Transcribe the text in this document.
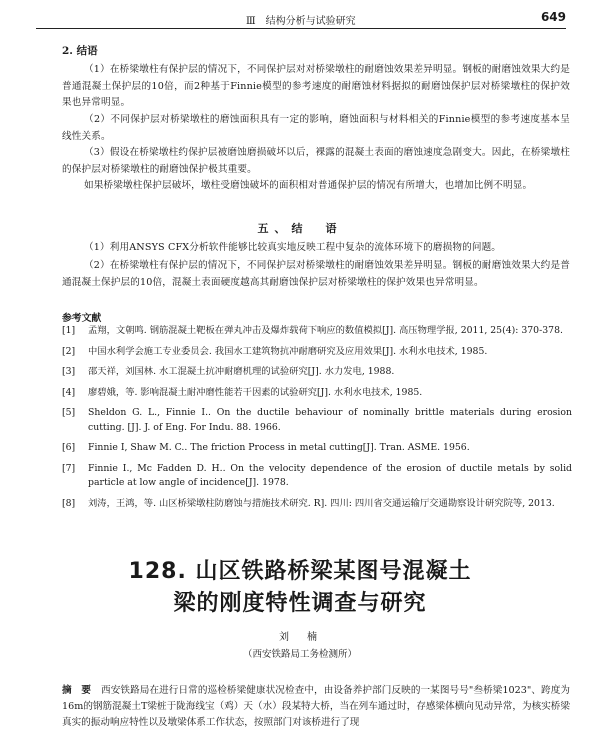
Ⅲ　结构分析与试验研究	649
2. 结语

（1）在桥梁墩柱有保护层的情况下，不同保护层对对桥梁墩柱的耐磨蚀效果差异明显。钢板的耐磨蚀效果大约是普通混凝土保护层的10倍，而2种基于Finnie模型的参考速度的耐磨蚀材料据拟的耐磨蚀保护层对桥梁墩柱的保护效果也异常明显。

（2）不同保护层对桥梁墩柱的磨蚀面积具有一定的影响，磨蚀面积与材料相关的Finnie模型的参考速度基本呈线性关系。

（3）假设在桥梁墩柱约保护层被磨蚀磨损破坏以后，裸露的混凝土表面的磨蚀速度急剧变大。因此，在桥梁墩柱的保护层对桥梁墩柱的耐磨蚀保护极其重要。

如果桥梁墩柱保护层破坏，墩柱受磨蚀破坏的面积相对普通保护层的情况有所增大，也增加比例不明显。

五、结　语

（1）利用ANSYS CFX分析软件能够比较真实地反映工程中复杂的流体环境下的磨损物的问题。

（2）在桥梁墩柱有保护层的情况下，不同保护层对桥梁墩柱的耐磨蚀效果差异明显。钢板的耐磨蚀效果大约是普通混凝土保护层的10倍，混凝土表面硬度越高其耐磨蚀保护层对桥梁墩柱的保护效果也异常明显。

参考文献
[1] 孟翔，文朝鸣. 钢筋混凝土靶板在弹丸冲击及爆炸载荷下响应的数值模拟[J]. 高压物理学报, 2011, 25(4): 370-378.
[2] 中国水利学会施工专业委员会. 我国水工建筑物抗冲耐磨研究及应用效果[J]. 水利水电技术, 1985.
[3] 邵天祥，刘国林. 水工混凝土抗冲耐磨机理的试验研究[J]. 水力发电, 1988.
[4] 廖碧娥，等. 影响混凝土耐冲磨性能若干因素的试验研究[J]. 水利水电技术, 1985.
[5] Sheldon G. L., Finnie I.. On the ductile behaviour of nominally brittle materials during erosion cutting. [J]. J. of Eng. For Indu. 88. 1966.
[6] Finnie I, Shaw M. C.. The friction Process in metal cutting[J]. Tran. ASME. 1956.
[7] Finnie I., Mc Fadden D. H.. On the velocity dependence of the erosion of ductile metals by solid particle at low angle of incidence[J]. 1978.
[8] 刘涛，王鸿，等. 山区桥梁墩柱防磨蚀与措施技术研究. R]. 四川: 四川省交通运输厅交通勘察设计研究院等, 2013.
128. 山区铁路桥梁某图号混凝土
梁的刚度特性调查与研究
刘　楠
（西安铁路局工务检测所）

摘　要 西安铁路局在进行日常的巡检桥梁健康状况检查中，由设备养护部门反映的一某图号号"叁桥梁1023"、跨度为16m的钢筋混凝土T梁桩于陇海线宝（鸡）天（水）段某特大桥，当在列车通过时，存感梁体横向见动异常，为核实桥梁真实的振动响应特性以及墩梁体系工作状态，按照部门对该桥进行了现
